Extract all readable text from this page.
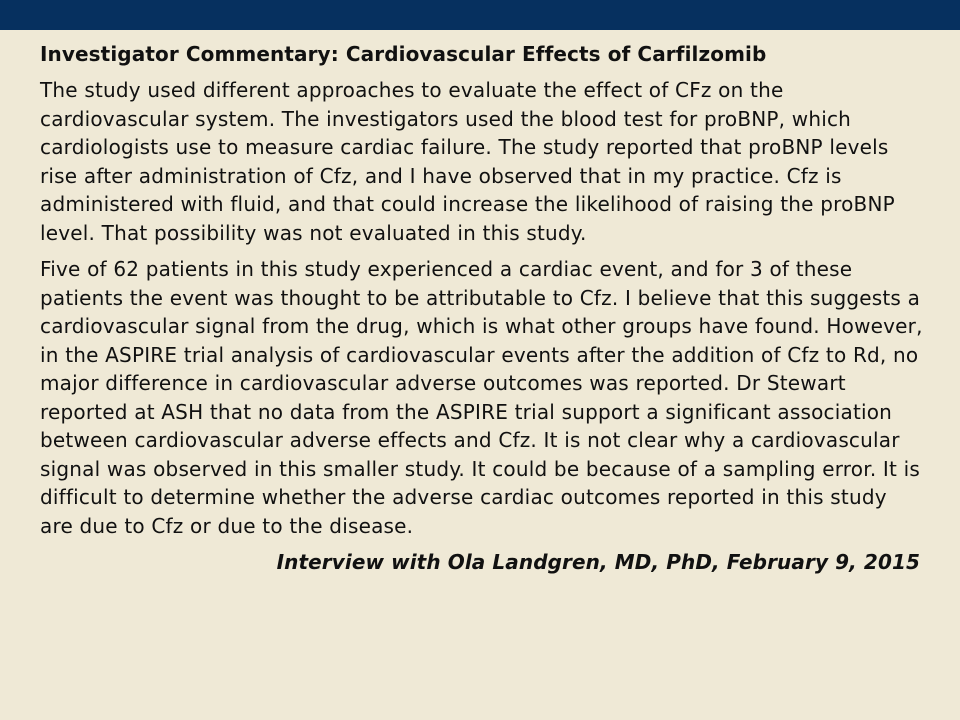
Investigator Commentary: Cardiovascular Effects of Carfilzomib
The study used different approaches to evaluate the effect of CFz on the cardiovascular system. The investigators used the blood test for proBNP, which cardiologists use to measure cardiac failure. The study reported that proBNP levels rise after administration of Cfz, and I have observed that in my practice. Cfz is administered with fluid, and that could increase the likelihood of raising the proBNP level. That possibility was not evaluated in this study.
Five of 62 patients in this study experienced a cardiac event, and for 3 of these patients the event was thought to be attributable to Cfz. I believe that this suggests a cardiovascular signal from the drug, which is what other groups have found. However, in the ASPIRE trial analysis of cardiovascular events after the addition of Cfz to Rd, no major difference in cardiovascular adverse outcomes was reported. Dr Stewart reported at ASH that no data from the ASPIRE trial support a significant association between cardiovascular adverse effects and Cfz. It is not clear why a cardiovascular signal was observed in this smaller study. It could be because of a sampling error. It is difficult to determine whether the adverse cardiac outcomes reported in this study are due to Cfz or due to the disease.
Interview with Ola Landgren, MD, PhD, February 9, 2015
